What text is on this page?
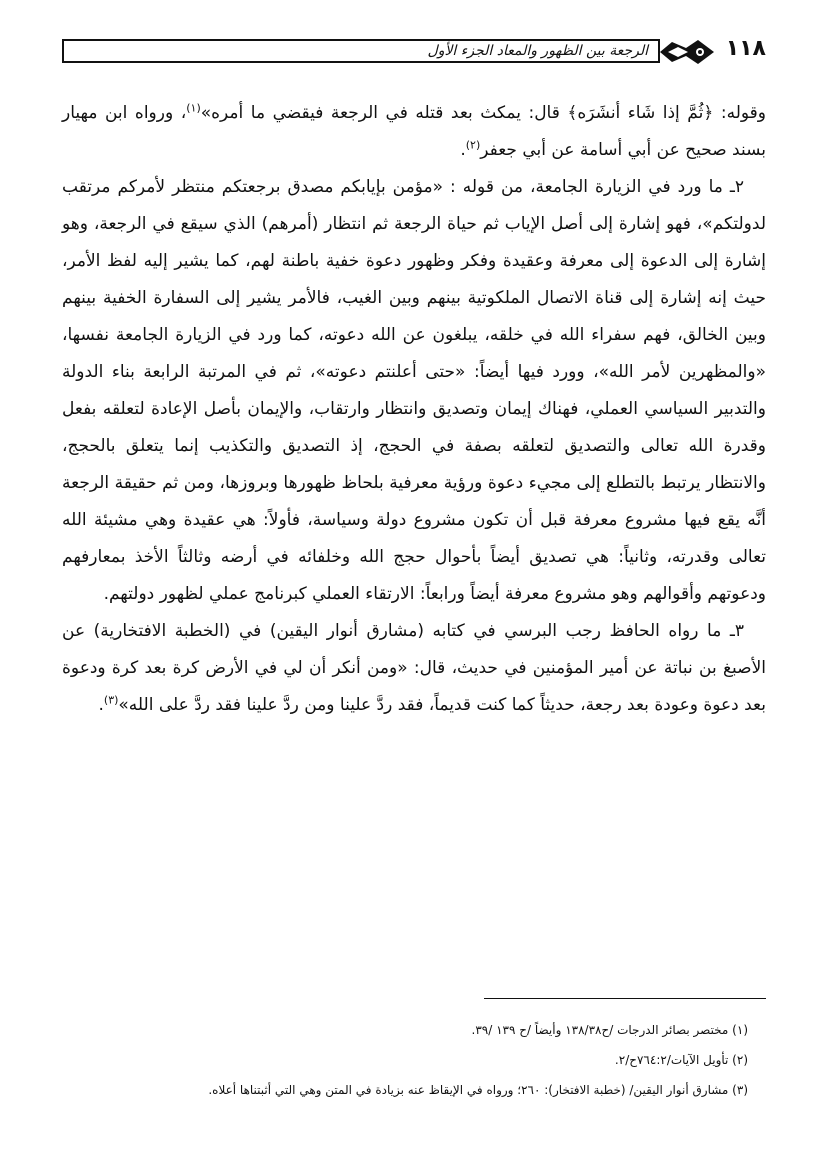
الرجعة بين الظهور والمعاد الجزء الأول	١١٨

وقوله: ﴿ثُمَّ إذا شَاء أنشَرَه﴾ قال: يمكث بعد قتله في الرجعة فيقضي ما أمره»$^{(١)}$، ورواه ابن مهيار بسند صحيح عن أبي أسامة عن أبي جعفر$^{(٢)}$.

٢ـ ما ورد في الزيارة الجامعة، من قوله : «مؤمن بإيابكم مصدق برجعتكم منتظر لأمركم مرتقب لدولتكم»، فهو إشارة إلى أصل الإياب ثم حياة الرجعة ثم انتظار (أمرهم) الذي سيقع في الرجعة، وهو إشارة إلى الدعوة إلى معرفة وعقيدة وفكر وظهور دعوة خفية باطنة لهم، كما يشير إليه لفظ الأمر، حيث إنه إشارة إلى قناة الاتصال الملكوتية بينهم وبين الغيب، فالأمر يشير إلى السفارة الخفية بينهم وبين الخالق، فهم سفراء الله في خلقه، يبلغون عن الله دعوته، كما ورد في الزيارة الجامعة نفسها، «والمظهرين لأمر الله»، وورد فيها أيضاً: «حتى أعلنتم دعوته»، ثم في المرتبة الرابعة بناء الدولة والتدبير السياسي العملي، فهناك إيمان وتصديق وانتظار وارتقاب، والإيمان بأصل الإعادة لتعلقه بفعل وقدرة الله تعالى والتصديق لتعلقه بصفة في الحجج، إذ التصديق والتكذيب إنما يتعلق بالحجج، والانتظار يرتبط بالتطلع إلى مجيء دعوة ورؤية معرفية بلحاظ ظهورها وبروزها، ومن ثم حقيقة الرجعة أنَّه يقع فيها مشروع معرفة قبل أن تكون مشروع دولة وسياسة، فأولاً: هي عقيدة وهي مشيئة الله تعالى وقدرته، وثانياً: هي تصديق أيضاً بأحوال حجج الله وخلفائه في أرضه وثالثاً الأخذ بمعارفهم ودعوتهم وأقوالهم وهو مشروع معرفة أيضاً ورابعاً: الارتقاء العملي كبرنامج عملي لظهور دولتهم.

٣ـ ما رواه الحافظ رجب البرسي في كتابه (مشارق أنوار اليقين) في (الخطبة الافتخارية) عن الأصبغ بن نباتة عن أمير المؤمنين في حديث، قال: «ومن أنكر أن لي في الأرض كرة بعد كرة ودعوة بعد دعوة وعودة بعد رجعة، حديثاً كما كنت قديماً، فقد ردَّ علينا ومن ردَّ علينا فقد ردَّ على الله»$^{(٣)}$.

(١) مختصر بصائر الدرجات /ح١٣٨/٣٨ وأيضاً /ح ١٣٩ /٣٩.

(٢) تأويل الآيات/٧٦٤:٢ح/٢.

(٣) مشارق أنوار اليقين/ (خطبة الافتخار): ٢٦٠؛ ورواه في الإيقاظ عنه بزيادة في المتن وهي التي أثبتناها أعلاه.
